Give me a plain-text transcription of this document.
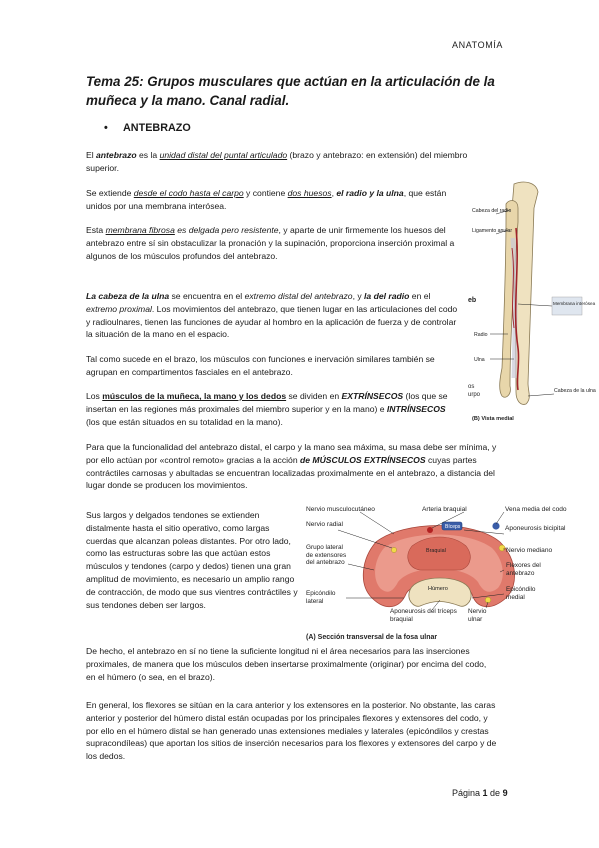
ANATOMÍA
Tema 25: Grupos musculares que actúan en la articulación de la muñeca y la mano. Canal radial.
• ANTEBRAZO
El antebrazo es la unidad distal del puntal articulado (brazo y antebrazo: en extensión) del miembro superior.
Se extiende desde el codo hasta el carpo y contiene dos huesos, el radio y la ulna, que están unidos por una membrana interósea.
Esta membrana fibrosa es delgada pero resistente, y aparte de unir firmemente los huesos del antebrazo entre sí sin obstaculizar la pronación y la supinación, proporciona inserción proximal a algunos de los músculos profundos del antebrazo.
La cabeza de la ulna se encuentra en el extremo distal del antebrazo, y la del radio en el extremo proximal. Los movimientos del antebrazo, que tienen lugar en las articulaciones del codo y radioulnares, tienen las funciones de ayudar al hombro en la aplicación de fuerza y de controlar la situación de la mano en el espacio.
Tal como sucede en el brazo, los músculos con funciones e inervación similares también se agrupan en compartimentos fasciales en el antebrazo.
Los músculos de la muñeca, la mano y los dedos se dividen en EXTRÍNSECOS (los que se insertan en las regiones más proximales del miembro superior y en la mano) e INTRÍNSECOS (los que están situados en su totalidad en la mano).
Para que la funcionalidad del antebrazo distal, el carpo y la mano sea máxima, su masa debe ser mínima, y por ello actúan por «control remoto» gracias a la acción de MÚSCULOS EXTRÍNSECOS cuyas partes contráctiles carnosas y abultadas se encuentran localizadas proximalmente en el antebrazo, a distancia del lugar donde se producen los movimientos.
Sus largos y delgados tendones se extienden distalmente hasta el sitio operativo, como largas cuerdas que alcanzan poleas distantes. Por otro lado, como las estructuras sobre las que actúan estos músculos y tendones (carpo y dedos) tienen una gran amplitud de movimiento, es necesario un amplio rango de contracción, de modo que sus vientres contráctiles y sus tendones deben ser largos.
De hecho, el antebrazo en sí no tiene la suficiente longitud ni el área necesarios para las inserciones proximales, de manera que los músculos deben insertarse proximalmente (originar) por encima del codo, en el húmero (o sea, en el brazo).
En general, los flexores se sitúan en la cara anterior y los extensores en la posterior. No obstante, las caras anterior y posterior del húmero distal están ocupadas por los principales flexores y extensores del codo, y por ello en el húmero distal se han generado unas extensiones mediales y laterales (epicóndilos y crestas supracondíleas) que aportan los sitios de inserción necesarios para los flexores y extensores del carpo y de los dedos.
Cabeza del radio
Ligamento anular
Membrana interósea
Radio
Ulna
Cabeza de la ulna
eb
os
urpo
(B) Vista medial
Nervio musculocutáneo	Arteria braquial	Vena media del codo
Bíceps	Aponeurosis bicipital
Nervio radial
Braquial	Nervio mediano
Grupo lateral de extensores del antebrazo
Húmero
Flexores del antebrazo
Epicóndilo lateral
Epicóndilo medial
Aponeurosis del tríceps braquial
Nervio ulnar
(A) Sección transversal de la fosa ulnar
Página 1 de 9
